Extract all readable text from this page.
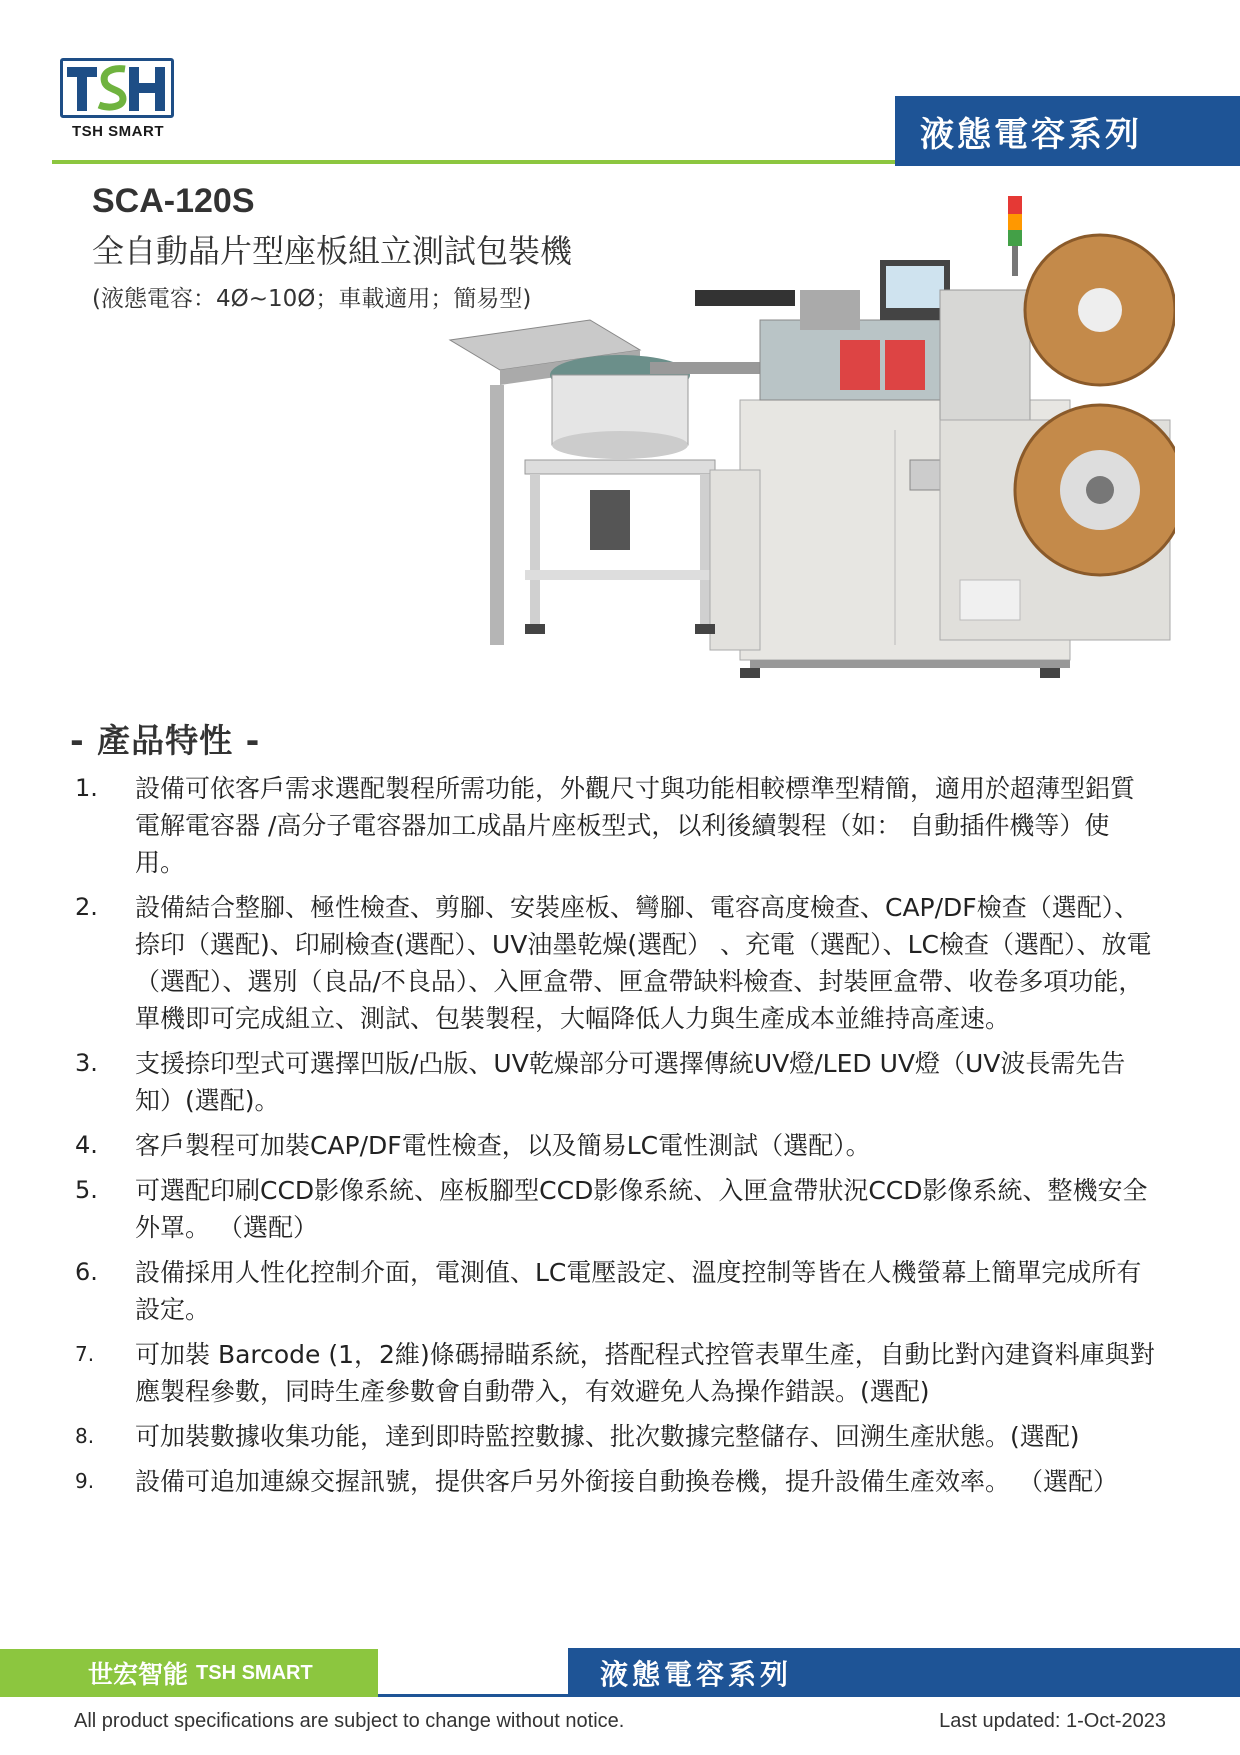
TSH SMART	液態電容系列
SCA-120S
全自動晶片型座板組立測試包裝機
(液態電容：4Ø~10Ø；車載適用；簡易型)
- 產品特性 -
1.	設備可依客戶需求選配製程所需功能，外觀尺寸與功能相較標準型精簡，適用於超薄型鋁質電解電容器 /高分子電容器加工成晶片座板型式，以利後續製程（如： 自動插件機等）使用。
2.	設備結合整腳、極性檢查、剪腳、安裝座板、彎腳、電容高度檢查、CAP/DF檢查（選配）、捺印（選配)、印刷檢查(選配）、UV油墨乾燥(選配） 、充電（選配）、LC檢查（選配）、放電（選配）、選別（良品/不良品）、入匣盒帶、匣盒帶缺料檢查、封裝匣盒帶、收卷多項功能，單機即可完成組立、測試、包裝製程，大幅降低人力與生產成本並維持高產速。
3.	支援捺印型式可選擇凹版/凸版、UV乾燥部分可選擇傳統UV燈/LED UV燈（UV波長需先告知）(選配)。
4.	客戶製程可加裝CAP/DF電性檢查，以及簡易LC電性測試（選配）。
5.	可選配印刷CCD影像系統、座板腳型CCD影像系統、入匣盒帶狀況CCD影像系統、整機安全外罩。 （選配）
6.	設備採用人性化控制介面，電測值、LC電壓設定、溫度控制等皆在人機螢幕上簡單完成所有設定。
7.	可加裝 Barcode (1，2維)條碼掃瞄系統，搭配程式控管表單生產，自動比對內建資料庫與對應製程參數，同時生產參數會自動帶入，有效避免人為操作錯誤。(選配)
8.	可加裝數據收集功能，達到即時監控數據、批次數據完整儲存、回溯生產狀態。(選配)
9.	設備可追加連線交握訊號，提供客戶另外銜接自動換卷機，提升設備生產效率。 （選配）
世宏智能 TSH SMART	液態電容系列
All product specifications are subject to change without notice.	Last updated: 1-Oct-2023
